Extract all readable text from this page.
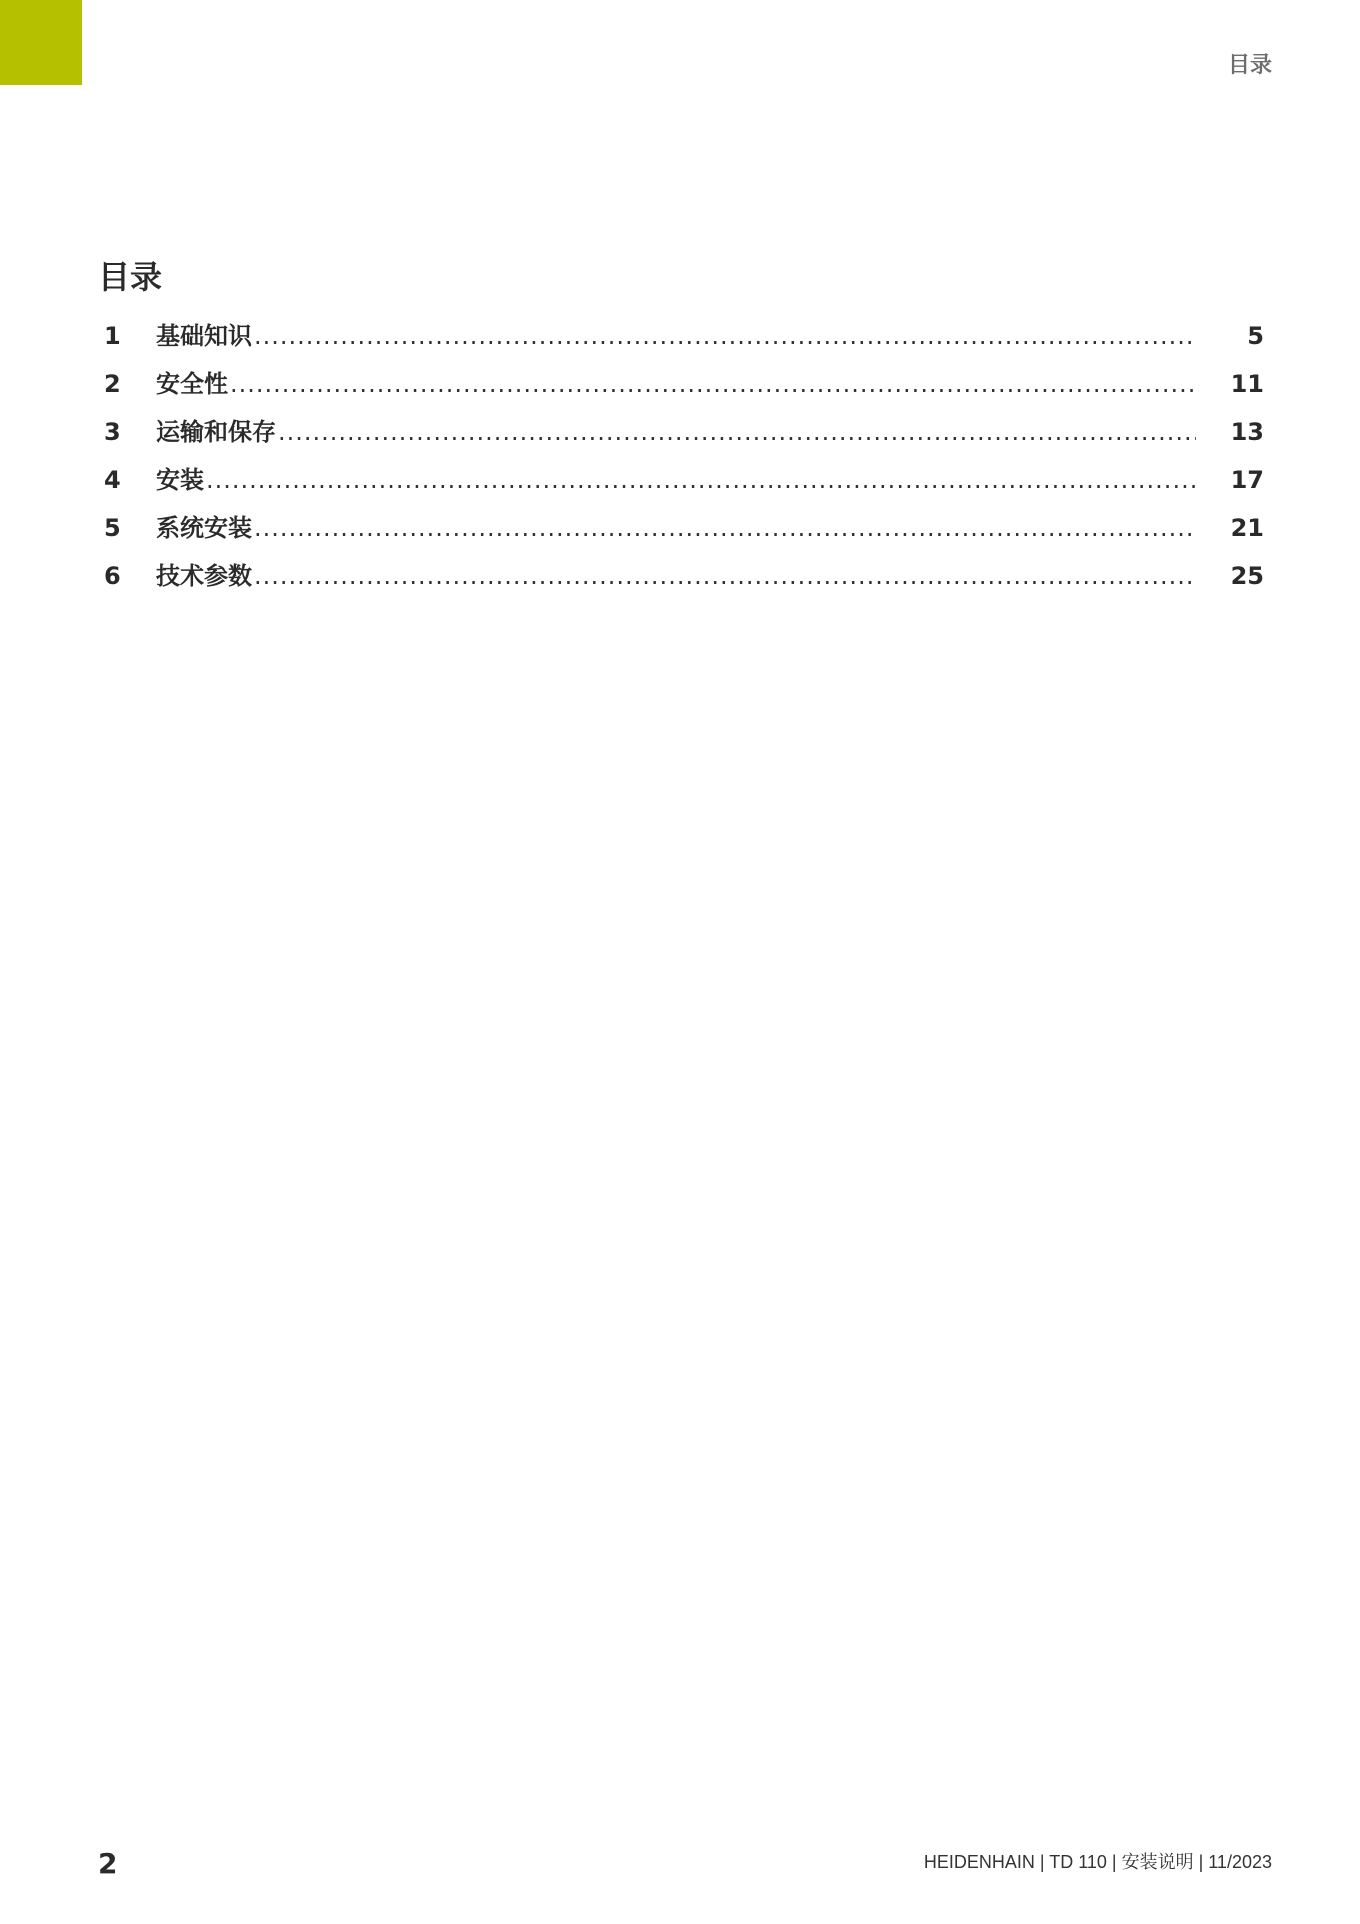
目录
目录
1	基础知识 .....	5
2	安全性 .....	11
3	运输和保存 .....	13
4	安装 .....	17
5	系统安装 .....	21
6	技术参数 .....	25
2	HEIDENHAIN | TD 110 | 安装说明 | 11/2023
